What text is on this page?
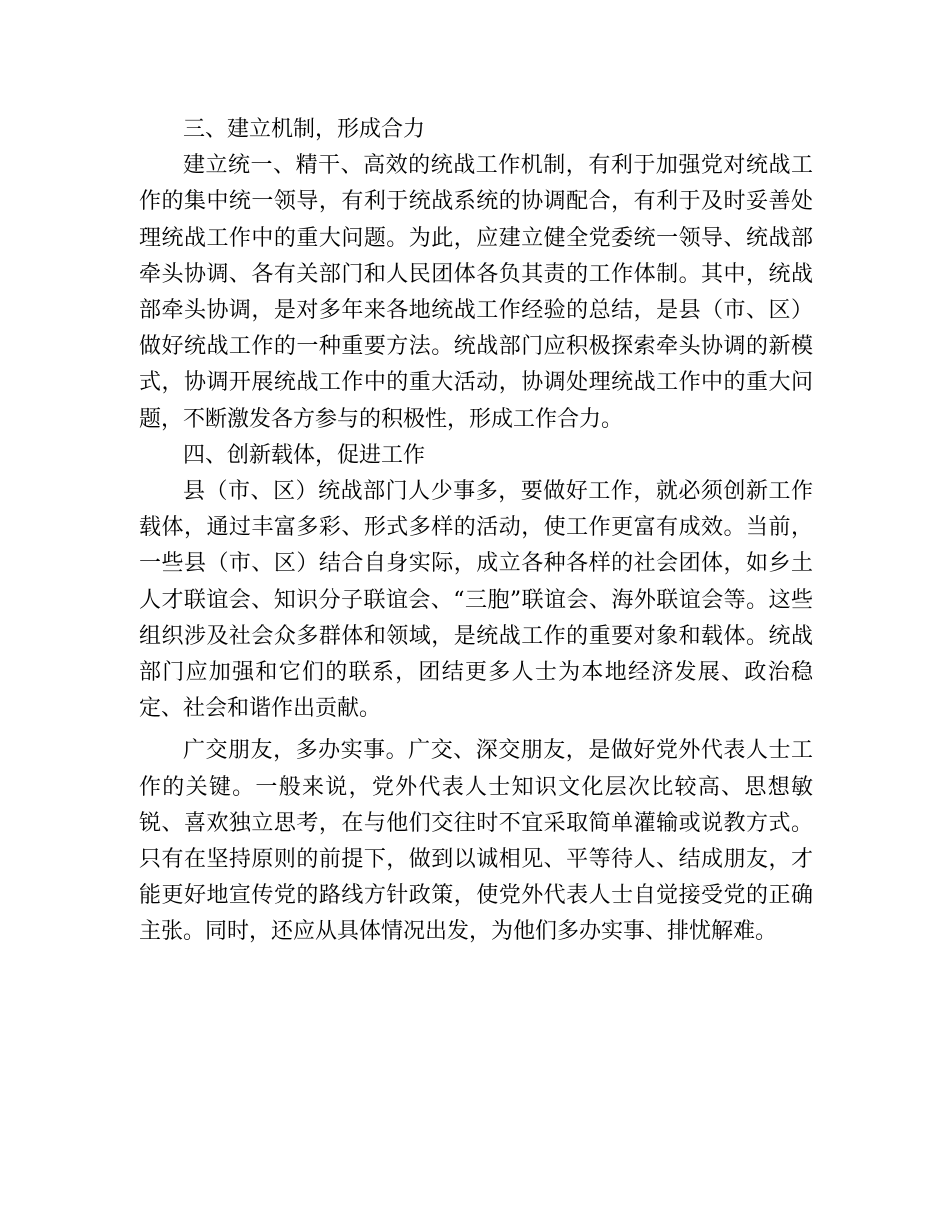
三、建立机制，形成合力

建立统一、精干、高效的统战工作机制，有利于加强党对统战工作的集中统一领导，有利于统战系统的协调配合，有利于及时妥善处理统战工作中的重大问题。为此，应建立健全党委统一领导、统战部牵头协调、各有关部门和人民团体各负其责的工作体制。其中，统战部牵头协调，是对多年来各地统战工作经验的总结，是县（市、区）做好统战工作的一种重要方法。统战部门应积极探索牵头协调的新模式，协调开展统战工作中的重大活动，协调处理统战工作中的重大问题，不断激发各方参与的积极性，形成工作合力。

四、创新载体，促进工作

县（市、区）统战部门人少事多，要做好工作，就必须创新工作载体，通过丰富多彩、形式多样的活动，使工作更富有成效。当前，一些县（市、区）结合自身实际，成立各种各样的社会团体，如乡土人才联谊会、知识分子联谊会、“三胞”联谊会、海外联谊会等。这些组织涉及社会众多群体和领域，是统战工作的重要对象和载体。统战部门应加强和它们的联系，团结更多人士为本地经济发展、政治稳定、社会和谐作出贡献。

广交朋友，多办实事。广交、深交朋友，是做好党外代表人士工作的关键。一般来说，党外代表人士知识文化层次比较高、思想敏锐、喜欢独立思考，在与他们交往时不宜采取简单灌输或说教方式。只有在坚持原则的前提下，做到以诚相见、平等待人、结成朋友，才能更好地宣传党的路线方针政策，使党外代表人士自觉接受党的正确主张。同时，还应从具体情况出发，为他们多办实事、排忧解难。
